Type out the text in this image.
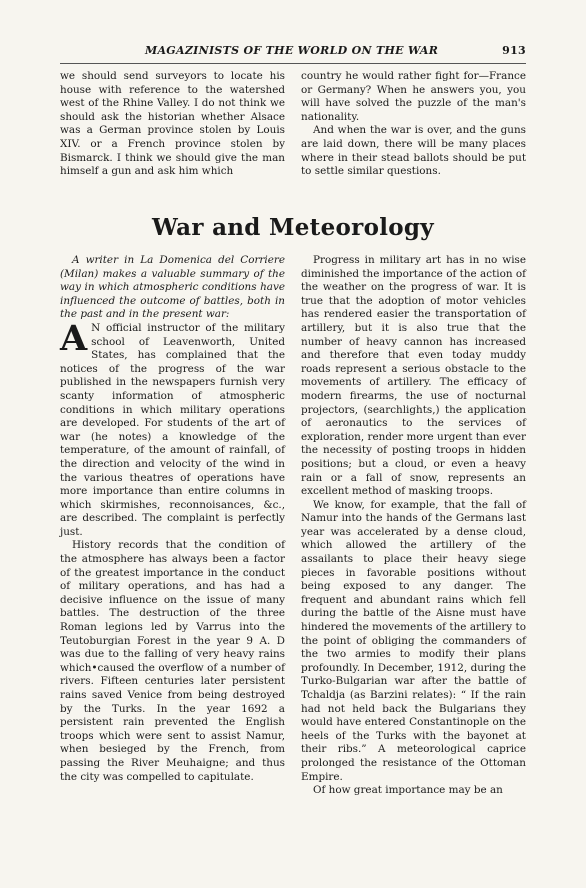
MAGAZINISTS OF THE WORLD ON THE WAR	913

we should send surveyors to locate his house with reference to the watershed west of the Rhine Valley. I do not think we should ask the historian whether Alsace was a German province stolen by Louis XIV. or a French province stolen by Bismarck. I think we should give the man himself a gun and ask him which

country he would rather fight for—France or Germany? When he answers you, you will have solved the puzzle of the man's nationality.

And when the war is over, and the guns are laid down, there will be many places where in their stead ballots should be put to settle similar questions.

War and Meteorology

A writer in La Domenica del Corriere (Milan) makes a valuable summary of the way in which atmospheric conditions have influenced the outcome of battles, both in the past and in the present war:

A N official instructor of the military school of Leavenworth, United States, has complained that the notices of the progress of the war published in the newspapers furnish very scanty information of atmospheric conditions in which military operations are developed. For students of the art of war (he notes) a knowledge of the temperature, of the amount of rainfall, of the direction and velocity of the wind in the various theatres of operations have more importance than entire columns in which skirmishes, reconnoisances, &c., are described. The complaint is perfectly just.

History records that the condition of the atmosphere has always been a factor of the greatest importance in the conduct of military operations, and has had a decisive influence on the issue of many battles. The destruction of the three Roman legions led by Varrus into the Teutoburgian Forest in the year 9 A. D was due to the falling of very heavy rains which•caused the overflow of a number of rivers. Fifteen centuries later persistent rains saved Venice from being destroyed by the Turks. In the year 1692 a persistent rain prevented the English troops which were sent to assist Namur, when besieged by the French, from passing the River Meuhaigne; and thus the city was compelled to capitulate.

Progress in military art has in no wise diminished the importance of the action of the weather on the progress of war. It is true that the adoption of motor vehicles has rendered easier the transportation of artillery, but it is also true that the number of heavy cannon has increased and therefore that even today muddy roads represent a serious obstacle to the movements of artillery. The efficacy of modern firearms, the use of nocturnal projectors, (searchlights,) the application of aeronautics to the services of exploration, render more urgent than ever the necessity of posting troops in hidden positions; but a cloud, or even a heavy rain or a fall of snow, represents an excellent method of masking troops.

We know, for example, that the fall of Namur into the hands of the Germans last year was accelerated by a dense cloud, which allowed the artillery of the assailants to place their heavy siege pieces in favorable positions without being exposed to any danger. The frequent and abundant rains which fell during the battle of the Aisne must have hindered the movements of the artillery to the point of obliging the commanders of the two armies to modify their plans profoundly. In December, 1912, during the Turko-Bulgarian war after the battle of Tchaldja (as Barzini relates): “ If the rain had not held back the Bulgarians they would have entered Constantinople on the heels of the Turks with the bayonet at their ribs.” A meteorological caprice prolonged the resistance of the Ottoman Empire.

Of how great importance may be an
